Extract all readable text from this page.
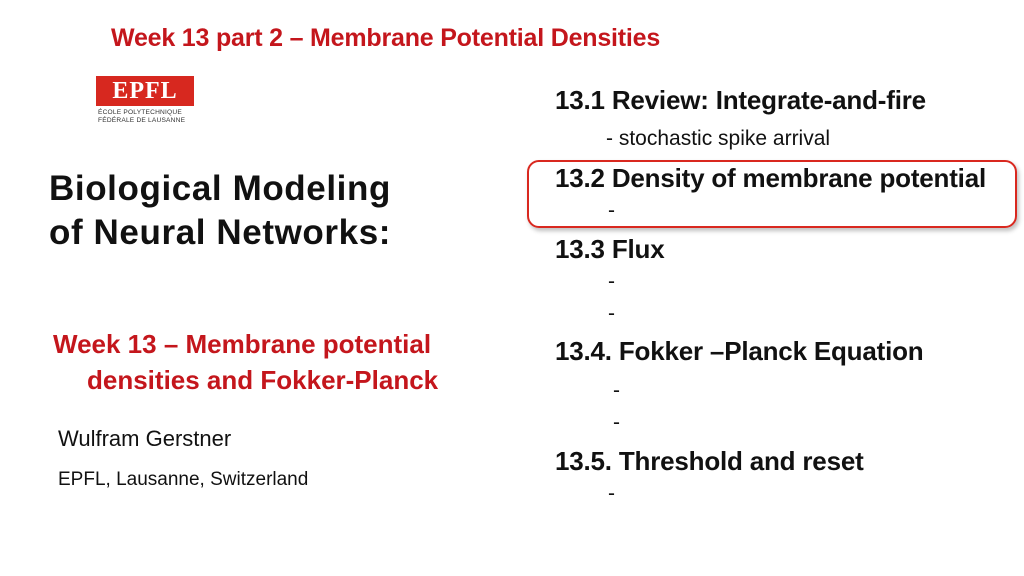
Week 13 part 2 – Membrane Potential Densities
EPFL
ÉCOLE POLYTECHNIQUE
FÉDÉRALE DE LAUSANNE
Biological Modeling
of Neural Networks:
Week 13 – Membrane potential
densities and Fokker-Planck
Wulfram Gerstner
EPFL, Lausanne, Switzerland
13.1 Review: Integrate-and-fire
- stochastic spike arrival
13.2 Density of membrane potential
-
13.3 Flux
-
-
13.4. Fokker –Planck Equation
-
-
13.5. Threshold and reset
-
